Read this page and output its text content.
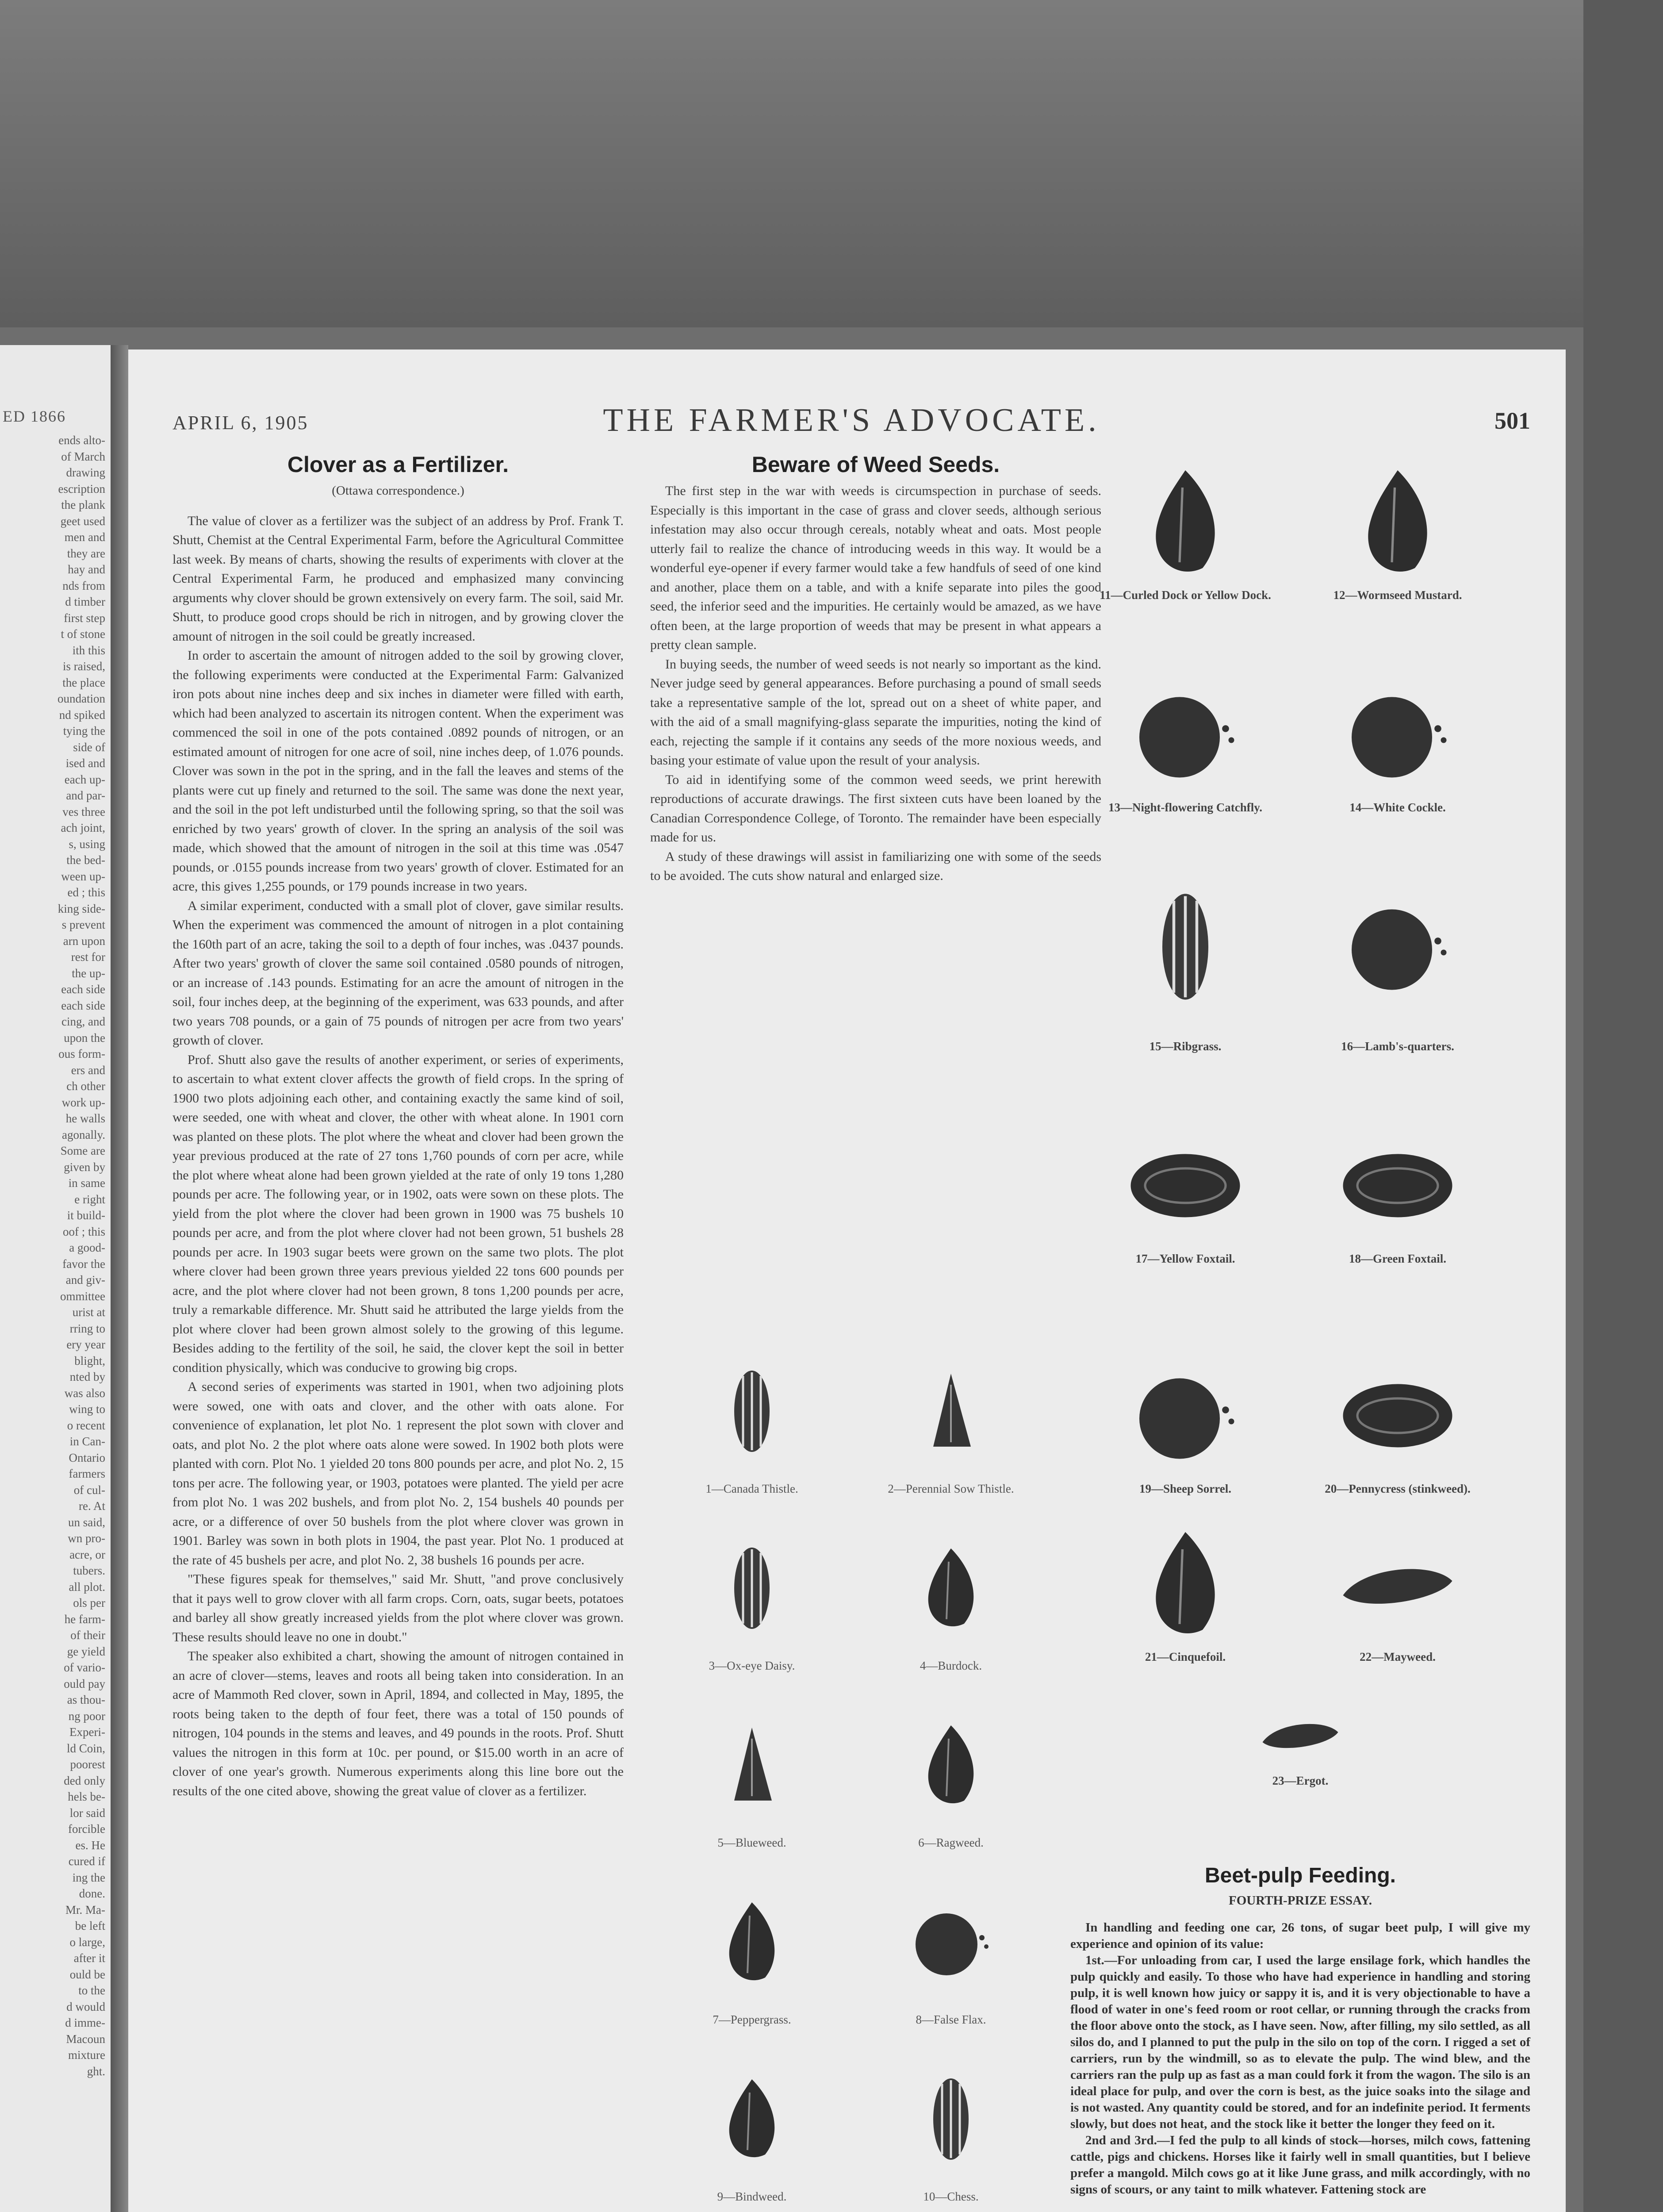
ED 1866
ends alto-
of March
drawing
escription
the plank
geet used
men and
they are
hay and
nds from
d timber
first step
t of stone
ith this
is raised,
the place
oundation
nd spiked
tying the
side of
ised and
each up-
and par-
ves three
ach joint,
s, using
the bed-
ween up-
ed ; this
king side-
s prevent
arn upon
rest for
the up-
each side
each side
cing, and
upon the
ous form-
ers and
ch other
work up-
he walls
agonally.
Some are
given by
in same
e right
it build-
oof ; this
a good-
favor the
and giv-
ommittee
urist at
rring to
ery year
blight,
nted by
was also
wing to
o recent
in Can-
Ontario
farmers
of cul-
re. At
un said,
wn pro-
acre, or
tubers.
all plot.
ols per
he farm-
of their
ge yield
of vario-
ould pay
as thou-
ng poor
Experi-
ld Coin,
poorest
ded only
hels be-
lor said
forcible
es. He
cured if
ing the
done.
Mr. Ma-
be left
o large,
after it
ould be
to the
d would
d imme-
Macoun
mixture
ght.
APRIL 6, 1905	THE FARMER'S ADVOCATE.	501
Clover as a Fertilizer.

(Ottawa correspondence.)

The value of clover as a fertilizer was the subject of an address by Prof. Frank T. Shutt, Chemist at the Central Experimental Farm, before the Agricultural Committee last week. By means of charts, showing the results of experiments with clover at the Central Experimental Farm, he produced and emphasized many convincing arguments why clover should be grown extensively on every farm. The soil, said Mr. Shutt, to produce good crops should be rich in nitrogen, and by growing clover the amount of nitrogen in the soil could be greatly increased.

In order to ascertain the amount of nitrogen added to the soil by growing clover, the following experiments were conducted at the Experimental Farm: Galvanized iron pots about nine inches deep and six inches in diameter were filled with earth, which had been analyzed to ascertain its nitrogen content. When the experiment was commenced the soil in one of the pots contained .0892 pounds of nitrogen, or an estimated amount of nitrogen for one acre of soil, nine inches deep, of 1.076 pounds. Clover was sown in the pot in the spring, and in the fall the leaves and stems of the plants were cut up finely and returned to the soil. The same was done the next year, and the soil in the pot left undisturbed until the following spring, so that the soil was enriched by two years' growth of clover. In the spring an analysis of the soil was made, which showed that the amount of nitrogen in the soil at this time was .0547 pounds, or .0155 pounds increase from two years' growth of clover. Estimated for an acre, this gives 1,255 pounds, or 179 pounds increase in two years.

A similar experiment, conducted with a small plot of clover, gave similar results. When the experiment was commenced the amount of nitrogen in a plot containing the 160th part of an acre, taking the soil to a depth of four inches, was .0437 pounds. After two years' growth of clover the same soil contained .0580 pounds of nitrogen, or an increase of .143 pounds. Estimating for an acre the amount of nitrogen in the soil, four inches deep, at the beginning of the experiment, was 633 pounds, and after two years 708 pounds, or a gain of 75 pounds of nitrogen per acre from two years' growth of clover.

Prof. Shutt also gave the results of another experiment, or series of experiments, to ascertain to what extent clover affects the growth of field crops. In the spring of 1900 two plots adjoining each other, and containing exactly the same kind of soil, were seeded, one with wheat and clover, the other with wheat alone. In 1901 corn was planted on these plots. The plot where the wheat and clover had been grown the year previous produced at the rate of 27 tons 1,760 pounds of corn per acre, while the plot where wheat alone had been grown yielded at the rate of only 19 tons 1,280 pounds per acre. The following year, or in 1902, oats were sown on these plots. The yield from the plot where the clover had been grown in 1900 was 75 bushels 10 pounds per acre, and from the plot where clover had not been grown, 51 bushels 28 pounds per acre. In 1903 sugar beets were grown on the same two plots. The plot where clover had been grown three years previous yielded 22 tons 600 pounds per acre, and the plot where clover had not been grown, 8 tons 1,200 pounds per acre, truly a remarkable difference. Mr. Shutt said he attributed the large yields from the plot where clover had been grown almost solely to the growing of this legume. Besides adding to the fertility of the soil, he said, the clover kept the soil in better condition physically, which was conducive to growing big crops.

A second series of experiments was started in 1901, when two adjoining plots were sowed, one with oats and clover, and the other with oats alone. For convenience of explanation, let plot No. 1 represent the plot sown with clover and oats, and plot No. 2 the plot where oats alone were sowed. In 1902 both plots were planted with corn. Plot No. 1 yielded 20 tons 800 pounds per acre, and plot No. 2, 15 tons per acre. The following year, or 1903, potatoes were planted. The yield per acre from plot No. 1 was 202 bushels, and from plot No. 2, 154 bushels 40 pounds per acre, or a difference of over 50 bushels from the plot where clover was grown in 1901. Barley was sown in both plots in 1904, the past year. Plot No. 1 produced at the rate of 45 bushels per acre, and plot No. 2, 38 bushels 16 pounds per acre.

"These figures speak for themselves," said Mr. Shutt, "and prove conclusively that it pays well to grow clover with all farm crops. Corn, oats, sugar beets, potatoes and barley all show greatly increased yields from the plot where clover was grown. These results should leave no one in doubt."

The speaker also exhibited a chart, showing the amount of nitrogen contained in an acre of clover—stems, leaves and roots all being taken into consideration. In an acre of Mammoth Red clover, sown in April, 1894, and collected in May, 1895, the roots being taken to the depth of four feet, there was a total of 150 pounds of nitrogen, 104 pounds in the stems and leaves, and 49 pounds in the roots. Prof. Shutt values the nitrogen in this form at 10c. per pound, or $15.00 worth in an acre of clover of one year's growth. Numerous experiments along this line bore out the results of the one cited above, showing the great value of clover as a fertilizer.

Beware of Weed Seeds.

The first step in the war with weeds is circumspection in purchase of seeds. Especially is this important in the case of grass and clover seeds, although serious infestation may also occur through cereals, notably wheat and oats. Most people utterly fail to realize the chance of introducing weeds in this way. It would be a wonderful eye-opener if every farmer would take a few handfuls of seed of one kind and another, place them on a table, and with a knife separate into piles the good seed, the inferior seed and the impurities. He certainly would be amazed, as we have often been, at the large proportion of weeds that may be present in what appears a pretty clean sample.

In buying seeds, the number of weed seeds is not nearly so important as the kind. Never judge seed by general appearances. Before purchasing a pound of small seeds take a representative sample of the lot, spread out on a sheet of white paper, and with the aid of a small magnifying-glass separate the impurities, noting the kind of each, rejecting the sample if it contains any seeds of the more noxious weeds, and basing your estimate of value upon the result of your analysis.

To aid in identifying some of the common weed seeds, we print herewith reproductions of accurate drawings. The first sixteen cuts have been loaned by the Canadian Correspondence College, of Toronto. The remainder have been especially made for us.

A study of these drawings will assist in familiarizing one with some of the seeds to be avoided. The cuts show natural and enlarged size.

1—Canada Thistle.	2—Perennial Sow Thistle.
3—Ox-eye Daisy.	4—Burdock.
5—Blueweed.	6—Ragweed.
7—Peppergrass.	8—False Flax.
9—Bindweed.	10—Chess.
11—Curled Dock or Yellow Dock.	12—Wormseed Mustard.
13—Night-flowering Catchfly.	14—White Cockle.
15—Ribgrass.	16—Lamb's-quarters.
17—Yellow Foxtail.	18—Green Foxtail.
19—Sheep Sorrel.	20—Pennycress (stinkweed).
21—Cinquefoil.	22—Mayweed.
23—Ergot.
Beet-pulp Feeding.

FOURTH-PRIZE ESSAY.

In handling and feeding one car, 26 tons, of sugar beet pulp, I will give my experience and opinion of its value:

1st.—For unloading from car, I used the large ensilage fork, which handles the pulp quickly and easily. To those who have had experience in handling and storing pulp, it is well known how juicy or sappy it is, and it is very objectionable to have a flood of water in one's feed room or root cellar, or running through the cracks from the floor above onto the stock, as I have seen. Now, after filling, my silo settled, as all silos do, and I planned to put the pulp in the silo on top of the corn. I rigged a set of carriers, run by the windmill, so as to elevate the pulp. The wind blew, and the carriers ran the pulp up as fast as a man could fork it from the wagon. The silo is an ideal place for pulp, and over the corn is best, as the juice soaks into the silage and is not wasted. Any quantity could be stored, and for an indefinite period. It ferments slowly, but does not heat, and the stock like it better the longer they feed on it.

2nd and 3rd.—I fed the pulp to all kinds of stock—horses, milch cows, fattening cattle, pigs and chickens. Horses like it fairly well in small quantities, but I believe prefer a mangold. Milch cows go at it like June grass, and milk accordingly, with no signs of scours, or any taint to milk whatever. Fattening stock are
